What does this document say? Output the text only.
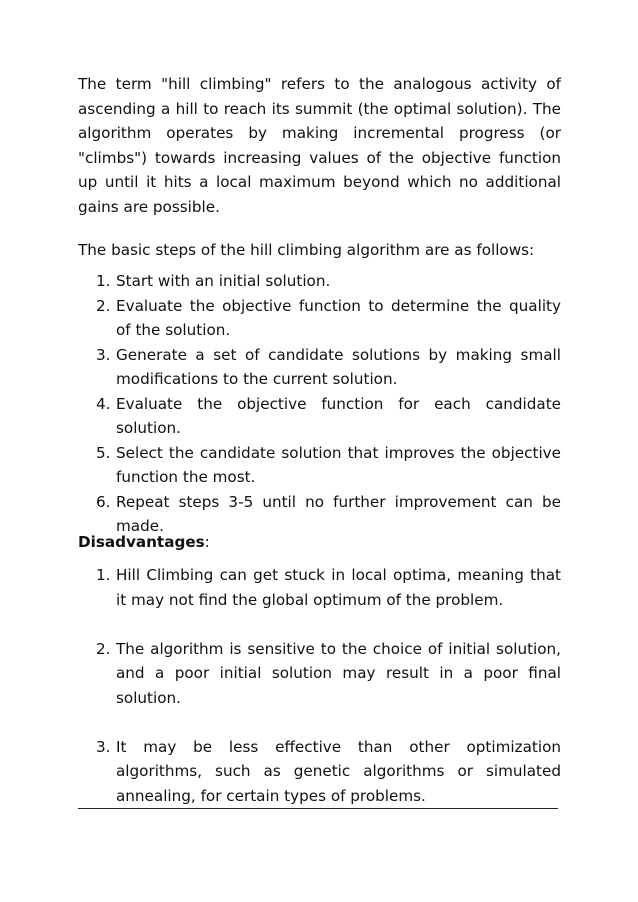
The term "hill climbing" refers to the analogous activity of ascending a hill to reach its summit (the optimal solution). The algorithm operates by making incremental progress (or "climbs") towards increasing values of the objective function up until it hits a local maximum beyond which no additional gains are possible.

The basic steps of the hill climbing algorithm are as follows:

1. Start with an initial solution.
2. Evaluate the objective function to determine the quality of the solution.
3. Generate a set of candidate solutions by making small modifications to the current solution.
4. Evaluate the objective function for each candidate solution.
5. Select the candidate solution that improves the objective function the most.
6. Repeat steps 3-5 until no further improvement can be made.

Disadvantages:

1. Hill Climbing can get stuck in local optima, meaning that it may not find the global optimum of the problem.
2. The algorithm is sensitive to the choice of initial solution, and a poor initial solution may result in a poor final solution.
3. It may be less effective than other optimization algorithms, such as genetic algorithms or simulated annealing, for certain types of problems.
